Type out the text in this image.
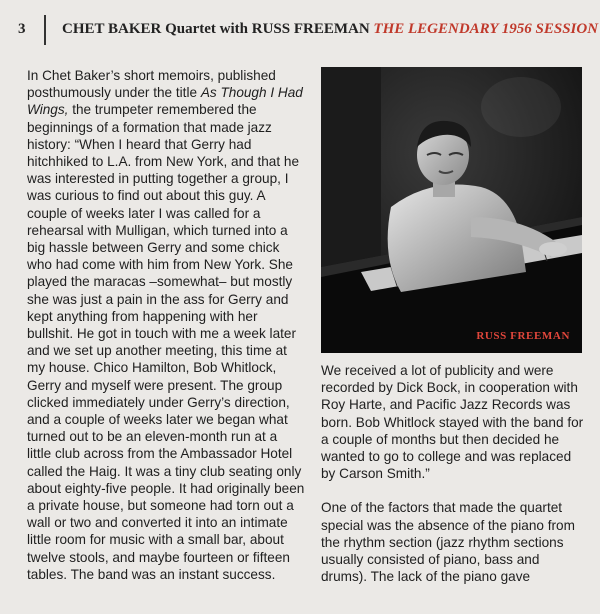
3 CHET BAKER Quartet with RUSS FREEMAN THE LEGENDARY 1956 SESSION

In Chet Baker’s short memoirs, published posthumously under the title As Though I Had Wings, the trumpeter remembered the beginnings of a formation that made jazz history: “When I heard that Gerry had hitchhiked to L.A. from New York, and that he was interested in putting together a group, I was curious to find out about this guy. A couple of weeks later I was called for a rehearsal with Mulligan, which turned into a big hassle between Gerry and some chick who had come with him from New York. She played the maracas –somewhat– but mostly she was just a pain in the ass for Gerry and kept anything from happening with her bullshit. He got in touch with me a week later and we set up another meeting, this time at my house. Chico Hamilton, Bob Whitlock, Gerry and myself were present. The group clicked immediately under Gerry’s direction, and a couple of weeks later we began what turned out to be an eleven-month run at a little club across from the Ambassador Hotel called the Haig. It was a tiny club seating only about eighty-five people. It had originally been a private house, but someone had torn out a wall or two and converted it into an intimate little room for music with a small bar, about twelve stools, and maybe fourteen or fifteen tables. The band was an instant success.

RUSS FREEMAN

We received a lot of publicity and were recorded by Dick Bock, in cooperation with Roy Harte, and Pacific Jazz Records was born. Bob Whitlock stayed with the band for a couple of months but then decided he wanted to go to college and was replaced by Carson Smith.”

One of the factors that made the quartet special was the absence of the piano from the rhythm section (jazz rhythm sections usually consisted of piano, bass and drums). The lack of the piano gave
